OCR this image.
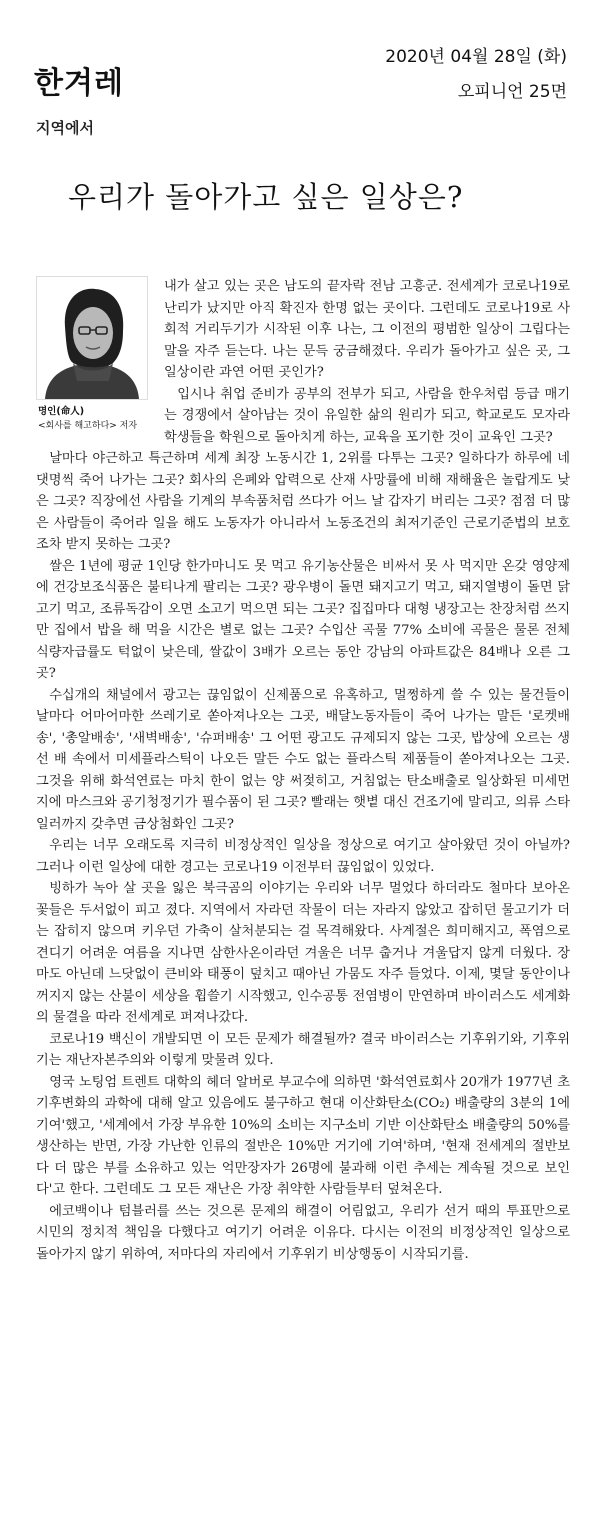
한겨레
지역에서
2020년 04월 28일 (화)
오피니언 25면
우리가 돌아가고 싶은 일상은?
명인(命人)
<회사를 해고하다> 저자

내가 살고 있는 곳은 남도의 끝자락 전남 고흥군. 전세계가 코로나19로 난리가 났지만 아직 확진자 한명 없는 곳이다. 그런데도 코로나19로 사회적 거리두기가 시작된 이후 나는, 그 이전의 평범한 일상이 그립다는 말을 자주 듣는다. 나는 문득 궁금해졌다. 우리가 돌아가고 싶은 곳, 그 일상이란 과연 어떤 곳인가?

입시나 취업 준비가 공부의 전부가 되고, 사람을 한우처럼 등급 매기는 경쟁에서 살아남는 것이 유일한 삶의 원리가 되고, 학교로도 모자라 학생들을 학원으로 돌아치게 하는, 교육을 포기한 것이 교육인 그곳?

날마다 야근하고 특근하며 세계 최장 노동시간 1, 2위를 다투는 그곳? 일하다가 하루에 네댓명씩 죽어 나가는 그곳? 회사의 은폐와 압력으로 산재 사망률에 비해 재해율은 놀랍게도 낮은 그곳? 직장에선 사람을 기계의 부속품처럼 쓰다가 어느 날 갑자기 버리는 그곳? 점점 더 많은 사람들이 죽어라 일을 해도 노동자가 아니라서 노동조건의 최저기준인 근로기준법의 보호조차 받지 못하는 그곳?

쌀은 1년에 평균 1인당 한가마니도 못 먹고 유기농산물은 비싸서 못 사 먹지만 온갖 영양제에 건강보조식품은 불티나게 팔리는 그곳? 광우병이 돌면 돼지고기 먹고, 돼지열병이 돌면 닭고기 먹고, 조류독감이 오면 소고기 먹으면 되는 그곳? 집집마다 대형 냉장고는 찬장처럼 쓰지만 집에서 밥을 해 먹을 시간은 별로 없는 그곳? 수입산 곡물 77% 소비에 곡물은 물론 전체 식량자급률도 턱없이 낮은데, 쌀값이 3배가 오르는 동안 강남의 아파트값은 84배나 오른 그곳?

수십개의 채널에서 광고는 끊임없이 신제품으로 유혹하고, 멀쩡하게 쓸 수 있는 물건들이 날마다 어마어마한 쓰레기로 쏟아져나오는 그곳, 배달노동자들이 죽어 나가는 말든 '로켓배송', '총알배송', '새벽배송', '슈퍼배송' 그 어떤 광고도 규제되지 않는 그곳, 밥상에 오르는 생선 배 속에서 미세플라스틱이 나오든 말든 수도 없는 플라스틱 제품들이 쏟아져나오는 그곳. 그것을 위해 화석연료는 마치 한이 없는 양 써젖히고, 거침없는 탄소배출로 일상화된 미세먼지에 마스크와 공기청정기가 필수품이 된 그곳? 빨래는 햇볕 대신 건조기에 말리고, 의류 스타일러까지 갖추면 금상첨화인 그곳?

우리는 너무 오래도록 지극히 비정상적인 일상을 정상으로 여기고 살아왔던 것이 아닐까? 그러나 이런 일상에 대한 경고는 코로나19 이전부터 끊임없이 있었다.

빙하가 녹아 살 곳을 잃은 북극곰의 이야기는 우리와 너무 멀었다 하더라도 철마다 보아온 꽃들은 두서없이 피고 졌다. 지역에서 자라던 작물이 더는 자라지 않았고 잡히던 물고기가 더는 잡히지 않으며 키우던 가축이 살처분되는 걸 목격해왔다. 사계절은 희미해지고, 폭염으로 견디기 어려운 여름을 지나면 삼한사온이라던 겨울은 너무 춥거나 겨울답지 않게 더웠다. 장마도 아닌데 느닷없이 큰비와 태풍이 덮치고 때아닌 가뭄도 자주 들었다. 이제, 몇달 동안이나 꺼지지 않는 산불이 세상을 휩쓸기 시작했고, 인수공통 전염병이 만연하며 바이러스도 세계화의 물결을 따라 전세계로 퍼져나갔다.

코로나19 백신이 개발되면 이 모든 문제가 해결될까? 결국 바이러스는 기후위기와, 기후위기는 재난자본주의와 이렇게 맞물려 있다.

영국 노팅엄 트렌트 대학의 헤더 알버로 부교수에 의하면 '화석연료회사 20개가 1977년 초 기후변화의 과학에 대해 알고 있음에도 불구하고 현대 이산화탄소(CO₂) 배출량의 3분의 1에 기여'했고, '세계에서 가장 부유한 10%의 소비는 지구소비 기반 이산화탄소 배출량의 50%를 생산하는 반면, 가장 가난한 인류의 절반은 10%만 거기에 기여'하며, '현재 전세계의 절반보다 더 많은 부를 소유하고 있는 억만장자가 26명에 불과해 이런 추세는 계속될 것으로 보인다'고 한다. 그런데도 그 모든 재난은 가장 취약한 사람들부터 덮쳐온다.

에코백이나 텀블러를 쓰는 것으론 문제의 해결이 어림없고, 우리가 선거 때의 투표만으로 시민의 정치적 책임을 다했다고 여기기 어려운 이유다. 다시는 이전의 비정상적인 일상으로 돌아가지 않기 위하여, 저마다의 자리에서 기후위기 비상행동이 시작되기를.
